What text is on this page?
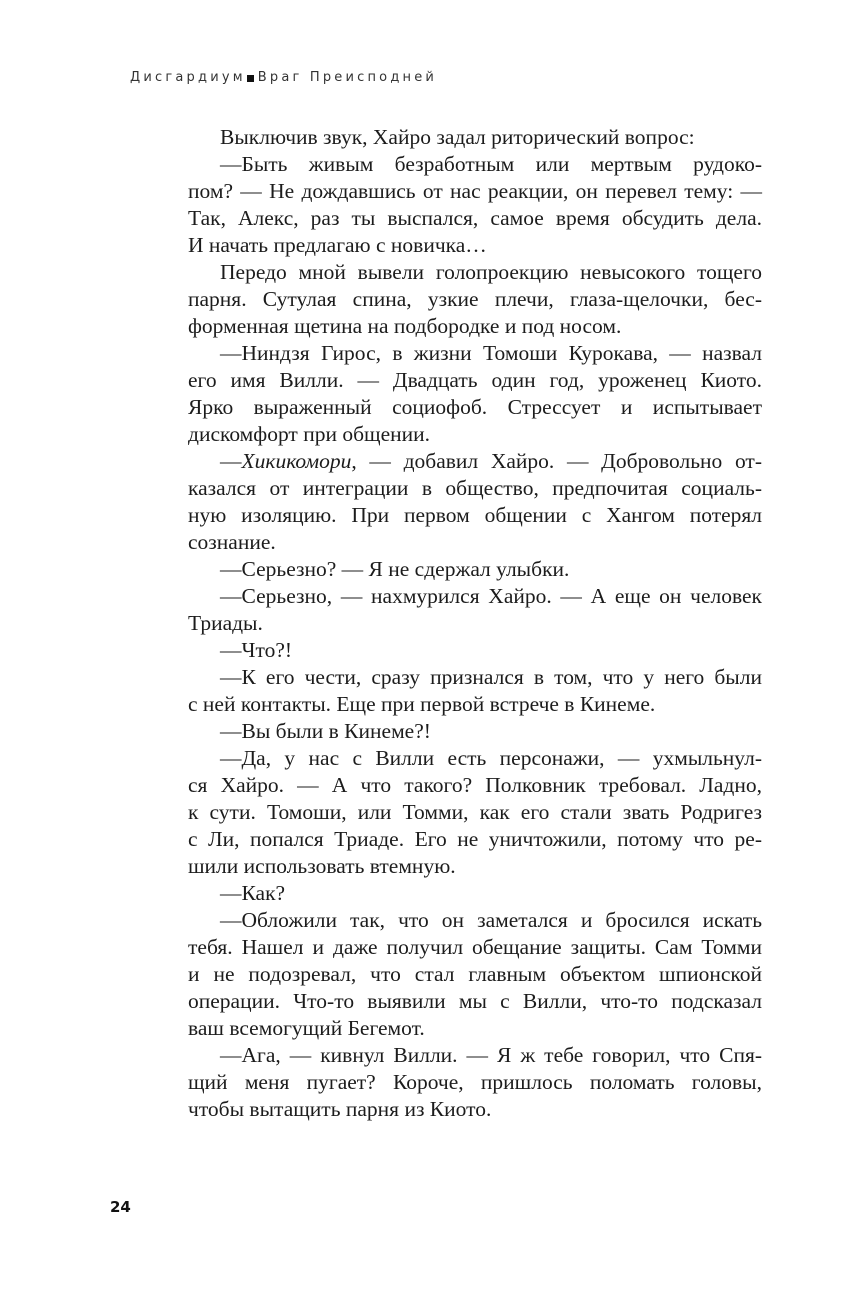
Дисгардиум Враг Преисподней
Выключив звук, Хайро задал риторический вопрос:
—Быть живым безработным или мертвым рудоко-
пом? — Не дождавшись от нас реакции, он перевел тему: —
Так, Алекс, раз ты выспался, самое время обсудить дела.
И начать предлагаю с новичка…
Передо мной вывели голопроекцию невысокого тощего
парня. Сутулая спина, узкие плечи, глаза-щелочки, бес-
форменная щетина на подбородке и под носом.
—Ниндзя Гирос, в жизни Томоши Курокава, — назвал
его имя Вилли. — Двадцать один год, уроженец Киото.
Ярко выраженный социофоб. Стрессует и испытывает
дискомфорт при общении.
—Хикикомори, — добавил Хайро. — Добровольно от-
казался от интеграции в общество, предпочитая социаль-
ную изоляцию. При первом общении с Хангом потерял
сознание.
—Серьезно? — Я не сдержал улыбки.
—Серьезно, — нахмурился Хайро. — А еще он человек
Триады.
—Что?!
—К его чести, сразу признался в том, что у него были
с ней контакты. Еще при первой встрече в Кинеме.
—Вы были в Кинеме?!
—Да, у нас с Вилли есть персонажи, — ухмыльнул-
ся Хайро. — А что такого? Полковник требовал. Ладно,
к сути. Томоши, или Томми, как его стали звать Родригез
с Ли, попался Триаде. Его не уничтожили, потому что ре-
шили использовать втемную.
—Как?
—Обложили так, что он заметался и бросился искать
тебя. Нашел и даже получил обещание защиты. Сам Томми
и не подозревал, что стал главным объектом шпионской
операции. Что-то выявили мы с Вилли, что-то подсказал
ваш всемогущий Бегемот.
—Ага, — кивнул Вилли. — Я ж тебе говорил, что Спя-
щий меня пугает? Короче, пришлось поломать головы,
чтобы вытащить парня из Киото.
24
